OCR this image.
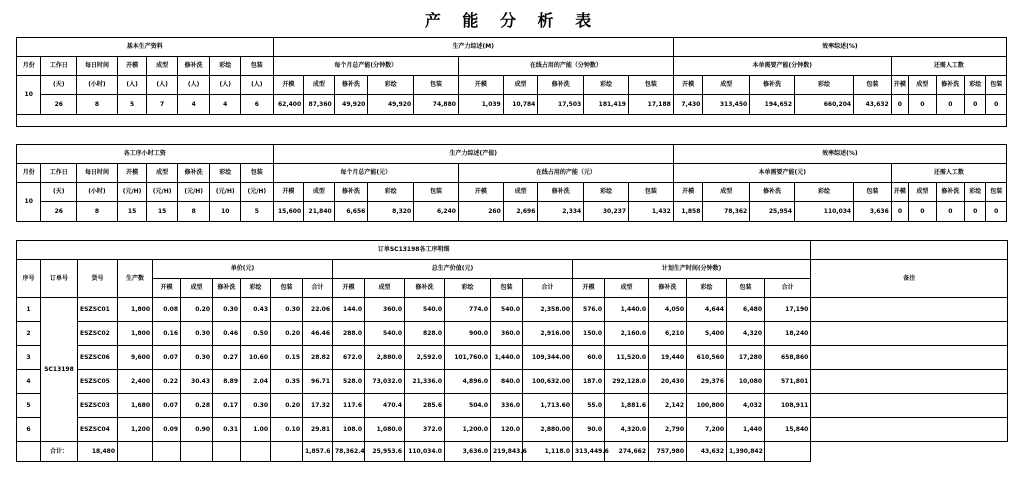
产 能 分 析 表
基本生产资料								生产力综述(M)										效率综述(%)									
月份	工作日	每日时间	开模	成型	修补洗	彩绘	包装	每个月总产能(分钟数）					在线占用的产能（分钟数）					本单需要产能(分钟数)					还需人工数				
10	(天)	(小时)	(人)	(人)	(人)	(人)	(人)	开模	成型	修补洗	彩绘	包装	开模	成型	修补洗	彩绘	包装	开模	成型	修补洗	彩绘	包装	开模	成型	修补洗	彩绘	包装
	26	8	5	7	4	4	6	62,400	87,360	49,920	49,920	74,880	1,039	10,784	17,503	181,419	17,188	7,430	313,450	194,652	660,204	43,632	0	0	0	0	0

各工序小时工资								生产力综述(产值)										效率综述(%)									
月份	工作日	每日时间	开模	成型	修补洗	彩绘	包装	每个月总产能(元）					在线占用的产能（元）					本单需要产能(元)					还需人工数				
10	(天)	(小时)	(元/H)	(元/H)	(元/H)	(元/H)	(元/H)	开模	成型	修补洗	彩绘	包装	开模	成型	修补洗	彩绘	包装	开模	成型	修补洗	彩绘	包装	开模	成型	修补洗	彩绘	包装
	26	8	15	15	8	10	5	15,600	21,840	6,656	8,320	6,240	260	2,696	2,334	30,237	1,432	1,858	78,362	25,954	110,034	3,636	0	0	0	0	0
订单SC13198各工序明细																						
序号	订单号	货号	生产数	单价(元)						总生产价值(元)						计划生产时间(分钟数)						备注
				开模	成型	修补洗	彩绘	包装	合计	开模	成型	修补洗	彩绘	包装	合计	开模	成型	修补洗	彩绘	包装	合计	
1	SC13198	ESZSC01	1,800	0.08	0.20	0.30	0.43	0.30	22.06	144.0	360.0	540.0	774.0	540.0	2,358.00	576.0	1,440.0	4,050	4,644	6,480	17,190	
2		ESZSC02	1,800	0.16	0.30	0.46	0.50	0.20	46.46	288.0	540.0	828.0	900.0	360.0	2,916.00	150.0	2,160.0	6,210	5,400	4,320	18,240	
3		ESZSC06	9,600	0.07	0.30	0.27	10.60	0.15	28.82	672.0	2,880.0	2,592.0	101,760.0	1,440.0	109,344.00	60.0	11,520.0	19,440	610,560	17,280	658,860	
4		ESZSC05	2,400	0.22	30.43	8.89	2.04	0.35	96.71	528.0	73,032.0	21,336.0	4,896.0	840.0	100,632.00	187.0	292,128.0	20,430	29,376	10,080	571,801	
5		ESZSC03	1,680	0.07	0.28	0.17	0.30	0.20	17.32	117.6	470.4	285.6	504.0	336.0	1,713.60	55.0	1,881.6	2,142	100,800	4,032	108,911	
6		ESZSC04	1,200	0.09	0.90	0.31	1.00	0.10	29.81	108.0	1,080.0	372.0	1,200.0	120.0	2,880.00	90.0	4,320.0	2,790	7,200	1,440	15,840	
	合计：	18,480							1,857.6	78,362.4	25,953.6	110,034.0	3,636.0	219,843.6	1,118.0	313,449.6	274,662	757,980	43,632	1,390,842		
